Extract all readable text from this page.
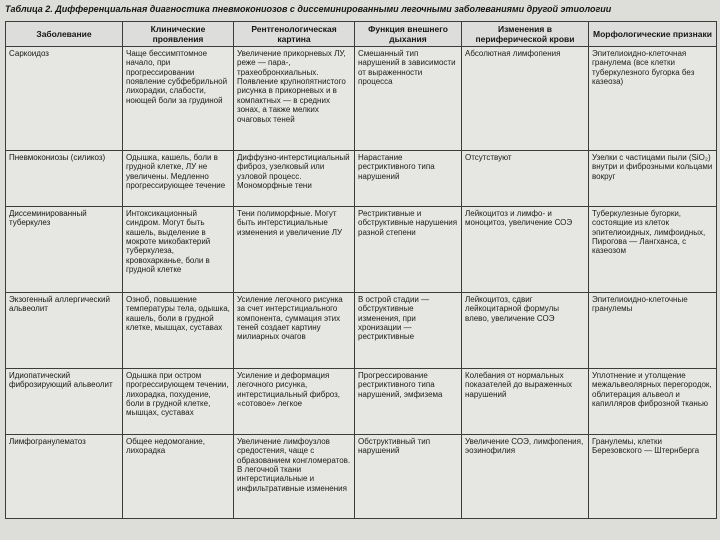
Таблица 2. Дифференциальная диагностика пневмокониозов с диссеминированными легочными заболеваниями другой этиологии

Заболевание	Клинические проявления	Рентгенологическая картина	Функция внешнего дыхания	Изменения в периферической крови	Морфологические признаки
Саркоидоз	Чаще бессимптомное начало, при прогрессировании появление субфебрильной лихорадки, слабости, ноющей боли за грудиной	Увеличение прикорневых ЛУ, реже — пара-, трахеобронхиальных. Появление крупнопятнистого рисунка в прикорневых и в компактных — в средних зонах, а также мелких очаговых теней	Смешанный тип нарушений в зависимости от выраженности процесса	Абсолютная лимфопения	Эпителиоидно-клеточная гранулема (все клетки туберкулезного бугорка без казеоза)
Пневмокониозы (силикоз)	Одышка, кашель, боли в грудной клетке, ЛУ не увеличены. Медленно прогрессирующее течение	Диффузно-интерстициальный фиброз, узелковый или узловой процесс. Мономорфные тени	Нарастание рестриктивного типа нарушений	Отсутствуют	Узелки с частицами пыли (SiO₂) внутри и фиброзными кольцами вокруг
Диссеминированный туберкулез	Интоксикационный синдром. Могут быть кашель, выделение в мокроте микобактерий туберкулеза, кровохарканье, боли в грудной клетке	Тени полиморфные. Могут быть интерстициальные изменения и увеличение ЛУ	Рестриктивные и обструктивные нарушения разной степени	Лейкоцитоз и лимфо- и моноцитоз, увеличение СОЭ	Туберкулезные бугорки, состоящие из клеток эпителиоидных, лимфоидных, Пирогова — Лангханса, с казеозом
Экзогенный аллергический альвеолит	Озноб, повышение температуры тела, одышка, кашель, боли в грудной клетке, мышцах, суставах	Усиление легочного рисунка за счет интерстициального компонента, суммация этих теней создает картину милиарных очагов	В острой стадии — обструктивные изменения, при хронизации — рестриктивные	Лейкоцитоз, сдвиг лейкоцитарной формулы влево, увеличение СОЭ	Эпителиоидно-клеточные гранулемы
Идиопатический фиброзирующий альвеолит	Одышка при остром прогрессирующем течении, лихорадка, похудение, боли в грудной клетке, мышцах, суставах	Усиление и деформация легочного рисунка, интерстициальный фиброз, «сотовое» легкое	Прогрессирование рестриктивного типа нарушений, эмфизема	Колебания от нормальных показателей до выраженных нарушений	Уплотнение и утолщение межальвеолярных перегородок, облитерация альвеол и капилляров фиброзной тканью
Лимфогранулематоз	Общее недомогание, лихорадка	Увеличение лимфоузлов средостения, чаще с образованием конгломератов. В легочной ткани интерстициальные и инфильтративные изменения	Обструктивный тип нарушений	Увеличение СОЭ, лимфопения, эозинофилия	Гранулемы, клетки Березовского — Штернберга
